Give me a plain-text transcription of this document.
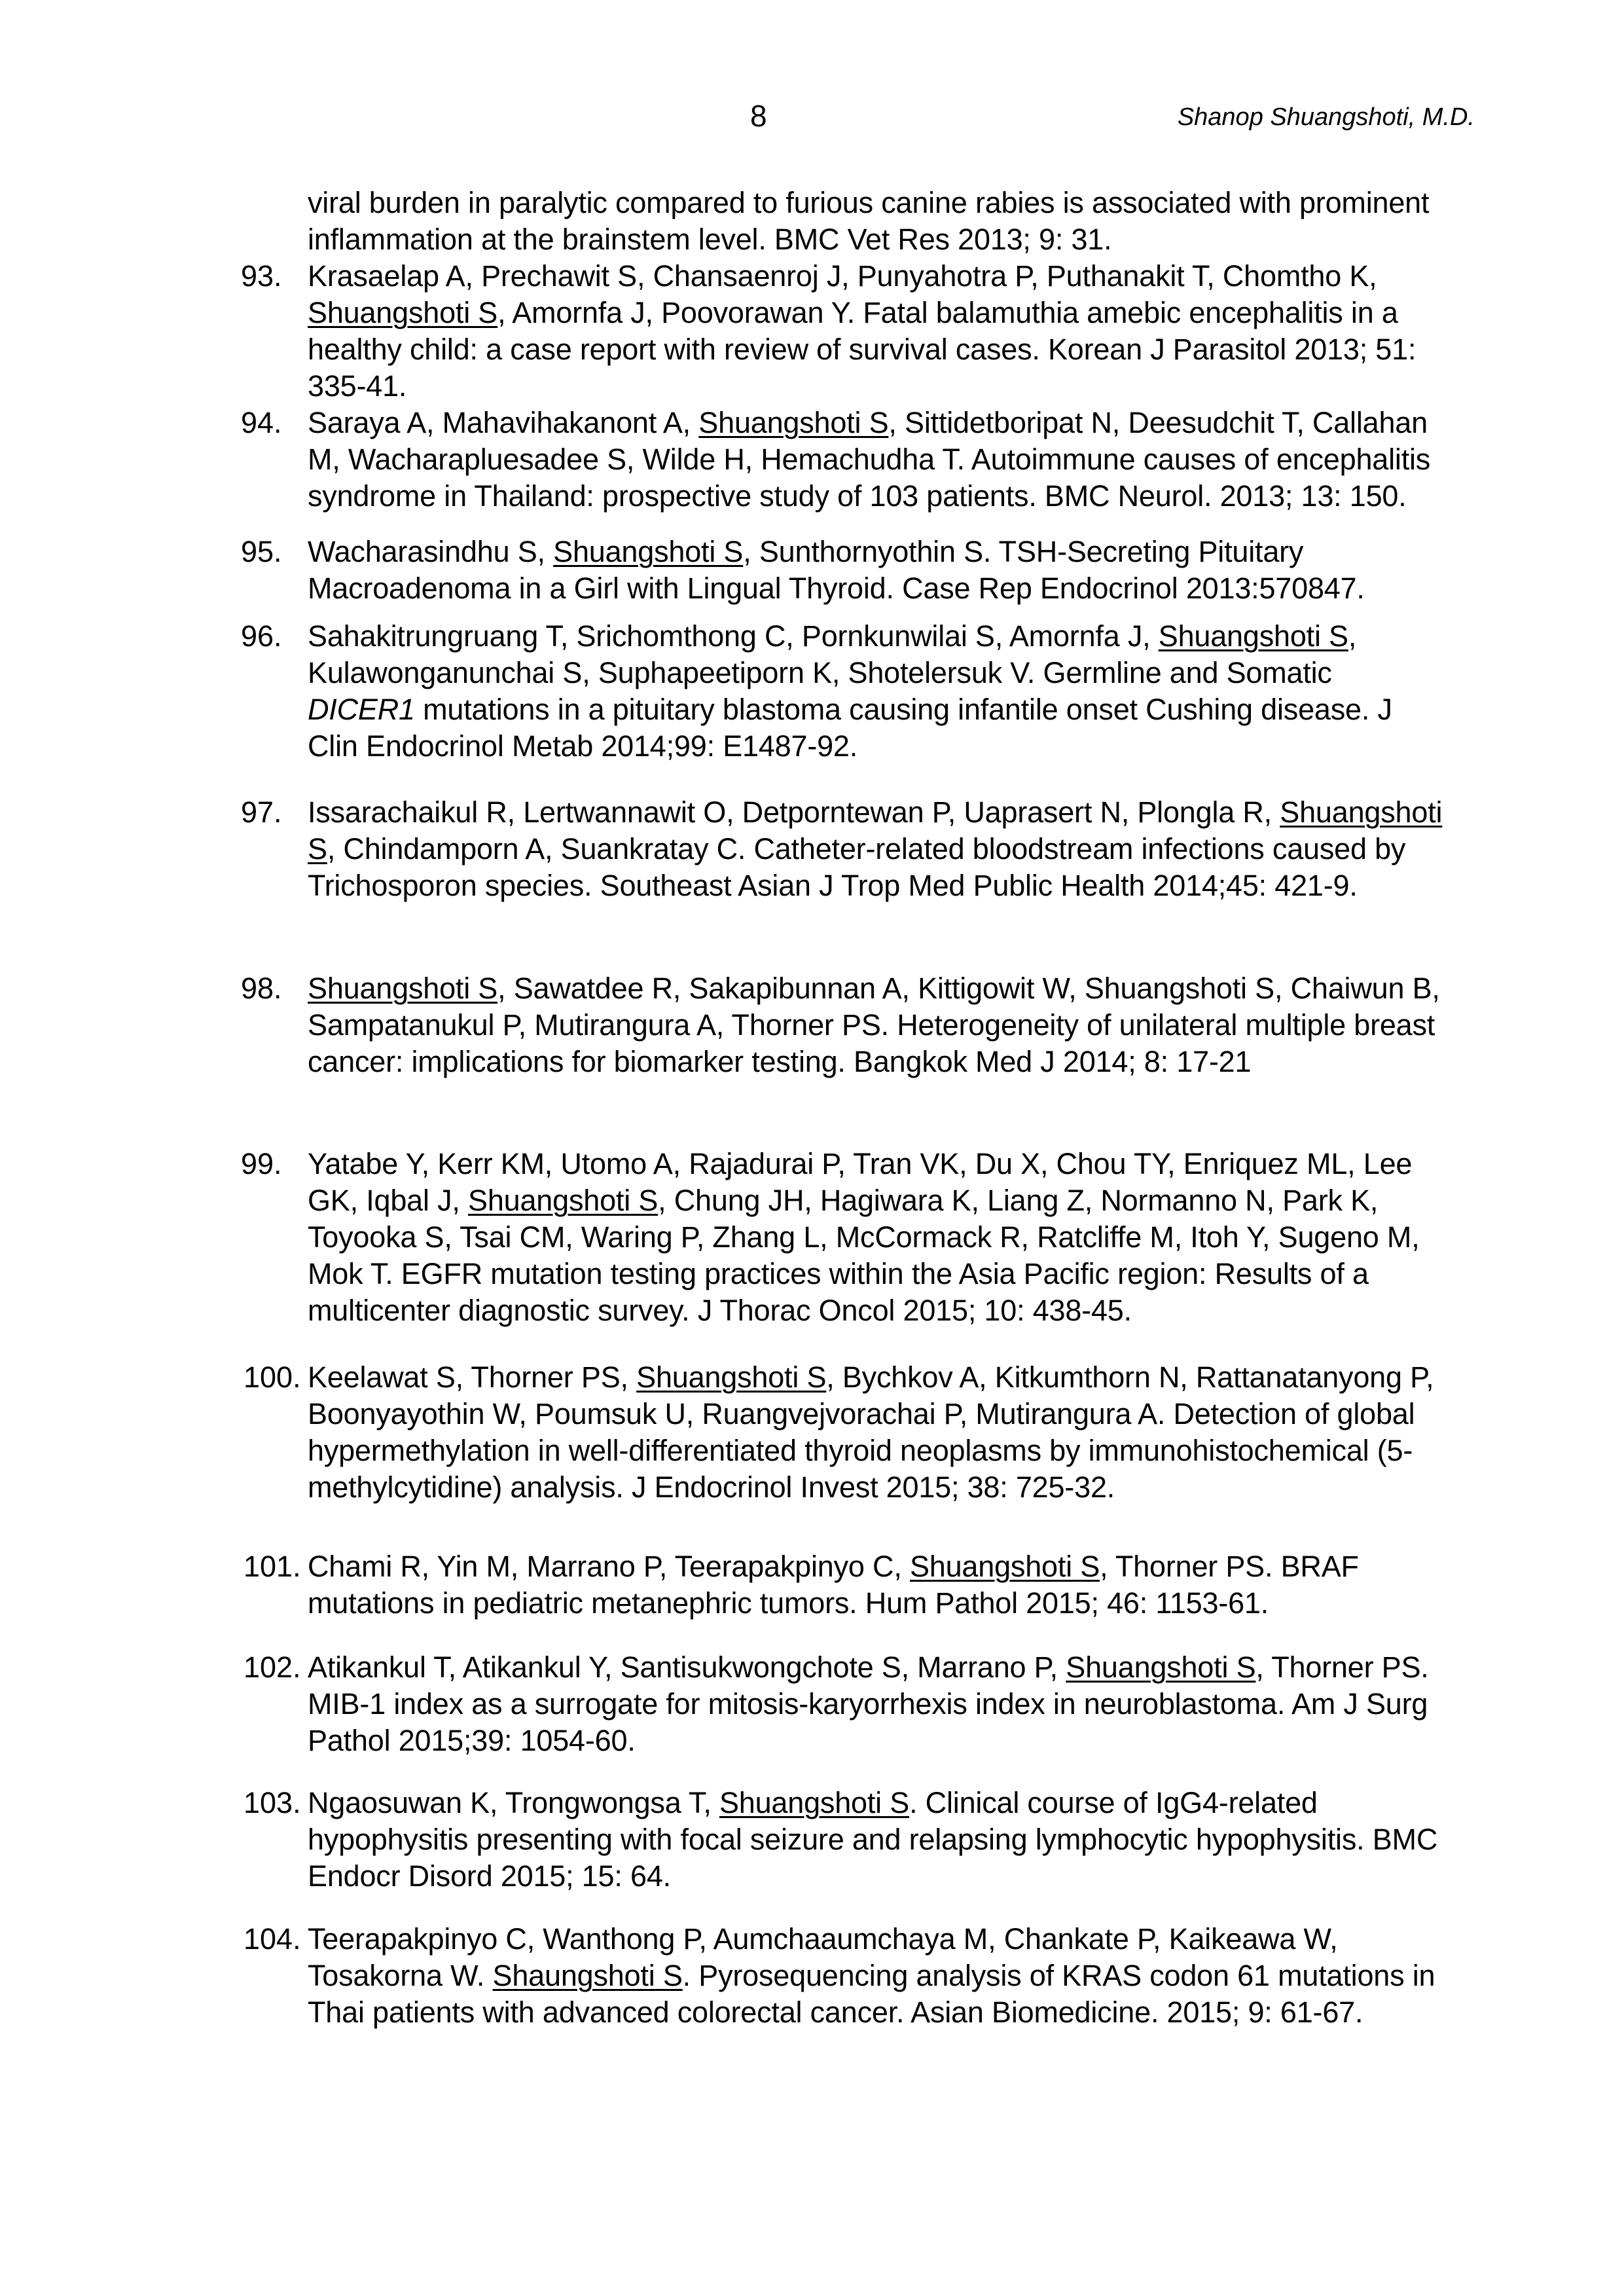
8	Shanop Shuangshoti, M.D.
viral burden in paralytic compared to furious canine rabies is associated with prominent inflammation at the brainstem level. BMC Vet Res 2013; 9: 31.
93. Krasaelap A, Prechawit S, Chansaenroj J, Punyahotra P, Puthanakit T, Chomtho K, Shuangshoti S, Amornfa J, Poovorawan Y. Fatal balamuthia amebic encephalitis in a healthy child: a case report with review of survival cases. Korean J Parasitol 2013; 51: 335-41.
94. Saraya A, Mahavihakanont A, Shuangshoti S, Sittidetboripat N, Deesudchit T, Callahan M, Wacharapluesadee S, Wilde H, Hemachudha T. Autoimmune causes of encephalitis syndrome in Thailand: prospective study of 103 patients. BMC Neurol. 2013; 13: 150.
95. Wacharasindhu S, Shuangshoti S, Sunthornyothin S. TSH-Secreting Pituitary Macroadenoma in a Girl with Lingual Thyroid. Case Rep Endocrinol 2013:570847.
96. Sahakitrungruang T, Srichomthong C, Pornkunwilai S, Amornfa J, Shuangshoti S, Kulawonganunchai S, Suphapeetiporn K, Shotelersuk V. Germline and Somatic DICER1 mutations in a pituitary blastoma causing infantile onset Cushing disease. J Clin Endocrinol Metab 2014;99: E1487-92.
97. Issarachaikul R, Lertwannawit O, Detporntewan P, Uaprasert N, Plongla R, Shuangshoti S, Chindamporn A, Suankratay C. Catheter-related bloodstream infections caused by Trichosporon species. Southeast Asian J Trop Med Public Health 2014;45: 421-9.
98. Shuangshoti S, Sawatdee R, Sakapibunnan A, Kittigowit W, Shuangshoti S, Chaiwun B, Sampatanukul P, Mutirangura A, Thorner PS. Heterogeneity of unilateral multiple breast cancer: implications for biomarker testing. Bangkok Med J 2014; 8: 17-21
99. Yatabe Y, Kerr KM, Utomo A, Rajadurai P, Tran VK, Du X, Chou TY, Enriquez ML, Lee GK, Iqbal J, Shuangshoti S, Chung JH, Hagiwara K, Liang Z, Normanno N, Park K, Toyooka S, Tsai CM, Waring P, Zhang L, McCormack R, Ratcliffe M, Itoh Y, Sugeno M, Mok T. EGFR mutation testing practices within the Asia Pacific region: Results of a multicenter diagnostic survey. J Thorac Oncol 2015; 10: 438-45.
100. Keelawat S, Thorner PS, Shuangshoti S, Bychkov A, Kitkumthorn N, Rattanatanyong P, Boonyayothin W, Poumsuk U, Ruangvejvorachai P, Mutirangura A. Detection of global hypermethylation in well-differentiated thyroid neoplasms by immunohistochemical (5-methylcytidine) analysis. J Endocrinol Invest 2015; 38: 725-32.
101. Chami R, Yin M, Marrano P, Teerapakpinyo C, Shuangshoti S, Thorner PS. BRAF mutations in pediatric metanephric tumors. Hum Pathol 2015; 46: 1153-61.
102. Atikankul T, Atikankul Y, Santisukwongchote S, Marrano P, Shuangshoti S, Thorner PS. MIB-1 index as a surrogate for mitosis-karyorrhexis index in neuroblastoma. Am J Surg Pathol 2015;39: 1054-60.
103. Ngaosuwan K, Trongwongsa T, Shuangshoti S. Clinical course of IgG4-related hypophysitis presenting with focal seizure and relapsing lymphocytic hypophysitis. BMC Endocr Disord 2015; 15: 64.
104. Teerapakpinyo C, Wanthong P, Aumchaaumchaya M, Chankate P, Kaikeawa W, Tosakorna W. Shaungshoti S. Pyrosequencing analysis of KRAS codon 61 mutations in Thai patients with advanced colorectal cancer. Asian Biomedicine. 2015; 9: 61-67.
